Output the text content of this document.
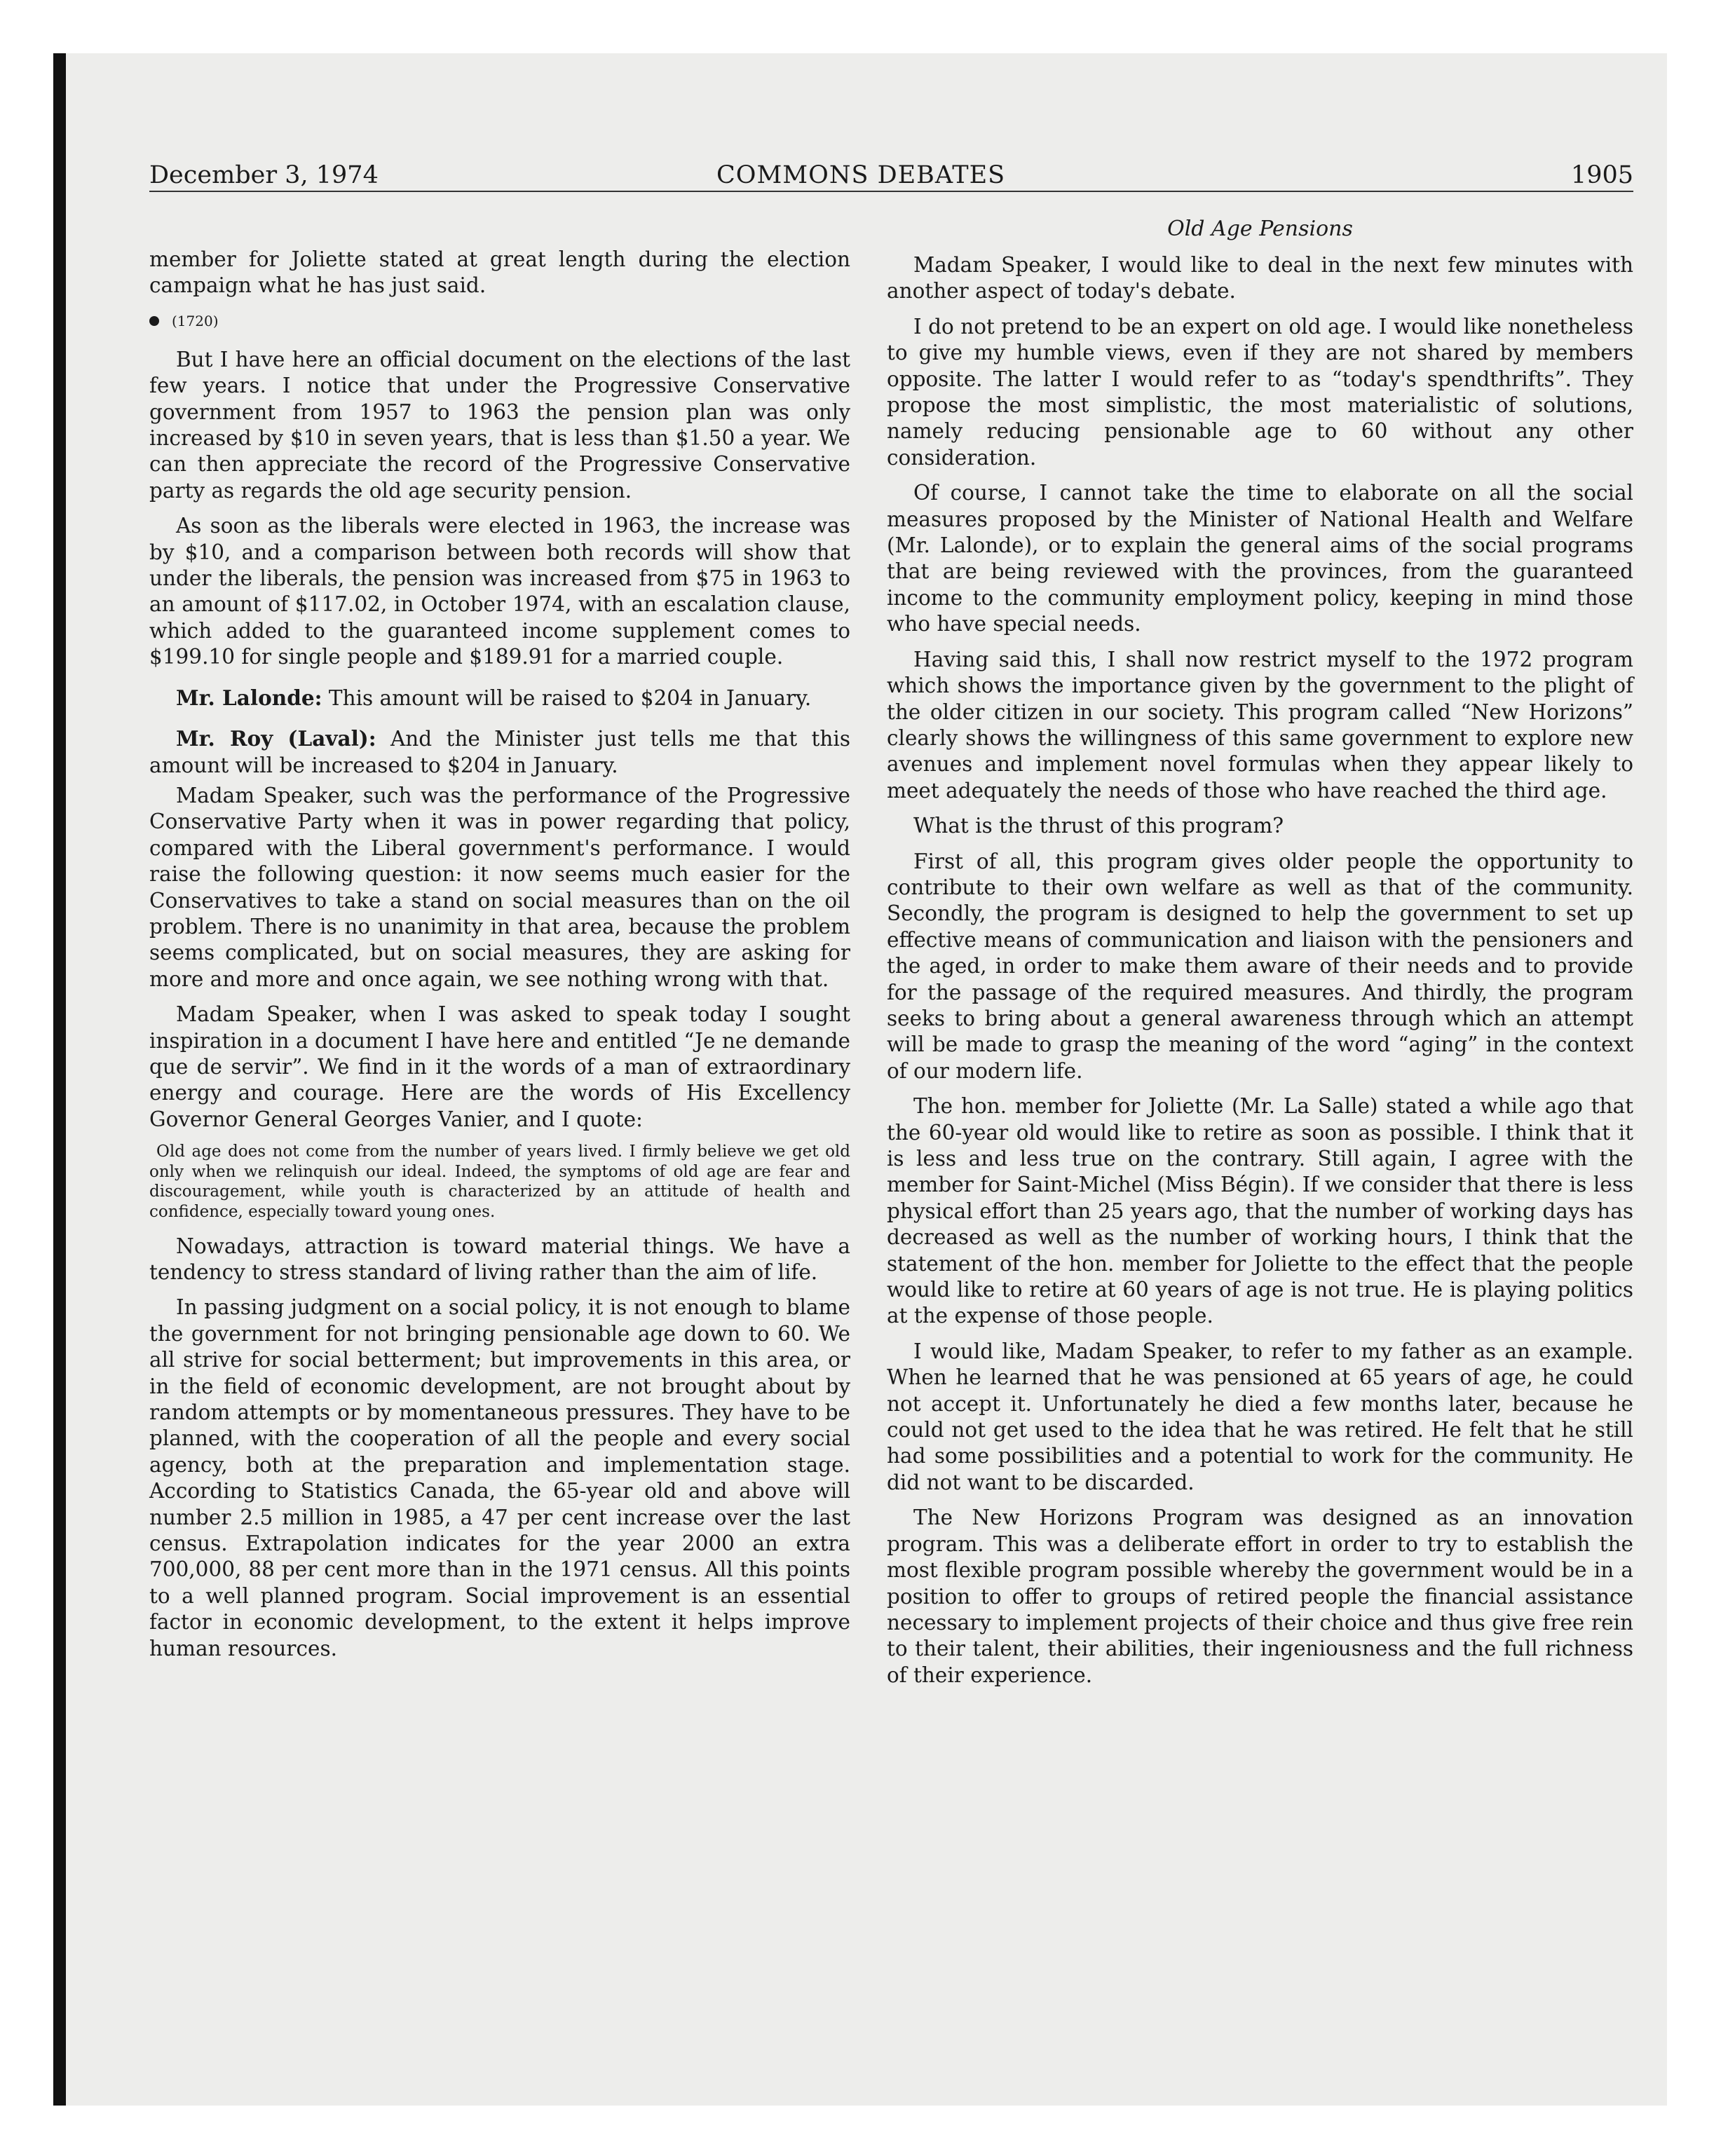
December 3, 1974	COMMONS DEBATES	1905
Old Age Pensions

member for Joliette stated at great length during the election campaign what he has just said.

(1720)

But I have here an official document on the elections of the last few years. I notice that under the Progressive Conservative government from 1957 to 1963 the pension plan was only increased by $10 in seven years, that is less than $1.50 a year. We can then appreciate the record of the Progressive Conservative party as regards the old age security pension.

As soon as the liberals were elected in 1963, the increase was by $10, and a comparison between both records will show that under the liberals, the pension was increased from $75 in 1963 to an amount of $117.02, in October 1974, with an escalation clause, which added to the guaranteed income supplement comes to $199.10 for single people and $189.91 for a married couple.

Mr. Lalonde: This amount will be raised to $204 in January.

Mr. Roy (Laval): And the Minister just tells me that this amount will be increased to $204 in January.

Madam Speaker, such was the performance of the Progressive Conservative Party when it was in power regarding that policy, compared with the Liberal government's performance. I would raise the following question: it now seems much easier for the Conservatives to take a stand on social measures than on the oil problem. There is no unanimity in that area, because the problem seems complicated, but on social measures, they are asking for more and more and once again, we see nothing wrong with that.

Madam Speaker, when I was asked to speak today I sought inspiration in a document I have here and entitled “Je ne demande que de servir”. We find in it the words of a man of extraordinary energy and courage. Here are the words of His Excellency Governor General Georges Vanier, and I quote:

Old age does not come from the number of years lived. I firmly believe we get old only when we relinquish our ideal. Indeed, the symptoms of old age are fear and discouragement, while youth is characterized by an attitude of health and confidence, especially toward young ones.

Nowadays, attraction is toward material things. We have a tendency to stress standard of living rather than the aim of life.

In passing judgment on a social policy, it is not enough to blame the government for not bringing pensionable age down to 60. We all strive for social betterment; but improvements in this area, or in the field of economic development, are not brought about by random attempts or by momentaneous pressures. They have to be planned, with the cooperation of all the people and every social agency, both at the preparation and implementation stage. According to Statistics Canada, the 65-year old and above will number 2.5 million in 1985, a 47 per cent increase over the last census. Extrapolation indicates for the year 2000 an extra 700,000, 88 per cent more than in the 1971 census. All this points to a well planned program. Social improvement is an essential factor in economic development, to the extent it helps improve human resources.

Madam Speaker, I would like to deal in the next few minutes with another aspect of today's debate.

I do not pretend to be an expert on old age. I would like nonetheless to give my humble views, even if they are not shared by members opposite. The latter I would refer to as “today's spendthrifts”. They propose the most simplistic, the most materialistic of solutions, namely reducing pensionable age to 60 without any other consideration.

Of course, I cannot take the time to elaborate on all the social measures proposed by the Minister of National Health and Welfare (Mr. Lalonde), or to explain the general aims of the social programs that are being reviewed with the provinces, from the guaranteed income to the community employment policy, keeping in mind those who have special needs.

Having said this, I shall now restrict myself to the 1972 program which shows the importance given by the government to the plight of the older citizen in our society. This program called “New Horizons” clearly shows the willingness of this same government to explore new avenues and implement novel formulas when they appear likely to meet adequately the needs of those who have reached the third age.

What is the thrust of this program?

First of all, this program gives older people the opportunity to contribute to their own welfare as well as that of the community. Secondly, the program is designed to help the government to set up effective means of communication and liaison with the pensioners and the aged, in order to make them aware of their needs and to provide for the passage of the required measures. And thirdly, the program seeks to bring about a general awareness through which an attempt will be made to grasp the meaning of the word “aging” in the context of our modern life.

The hon. member for Joliette (Mr. La Salle) stated a while ago that the 60-year old would like to retire as soon as possible. I think that it is less and less true on the contrary. Still again, I agree with the member for Saint-Michel (Miss Bégin). If we consider that there is less physical effort than 25 years ago, that the number of working days has decreased as well as the number of working hours, I think that the statement of the hon. member for Joliette to the effect that the people would like to retire at 60 years of age is not true. He is playing politics at the expense of those people.

I would like, Madam Speaker, to refer to my father as an example. When he learned that he was pensioned at 65 years of age, he could not accept it. Unfortunately he died a few months later, because he could not get used to the idea that he was retired. He felt that he still had some possibilities and a potential to work for the community. He did not want to be discarded.

The New Horizons Program was designed as an innovation program. This was a deliberate effort in order to try to establish the most flexible program possible whereby the government would be in a position to offer to groups of retired people the financial assistance necessary to implement projects of their choice and thus give free rein to their talent, their abilities, their ingeniousness and the full richness of their experience.
